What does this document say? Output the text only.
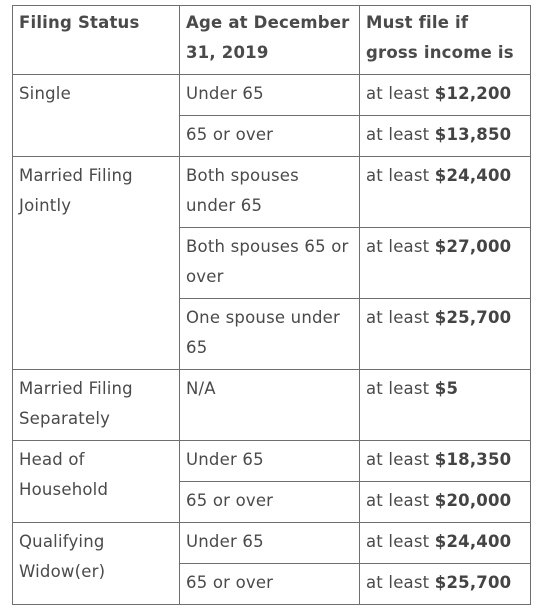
Filing Status	Age at December 31, 2019	Must file if gross income is
Single	Under 65	at least $12,200
	65 or over	at least $13,850
Married Filing Jointly	Both spouses under 65	at least $24,400
	Both spouses 65 or over	at least $27,000
	One spouse under 65	at least $25,700
Married Filing Separately	N/A	at least $5
Head of Household	Under 65	at least $18,350
	65 or over	at least $20,000
Qualifying Widow(er)	Under 65	at least $24,400
	65 or over	at least $25,700
